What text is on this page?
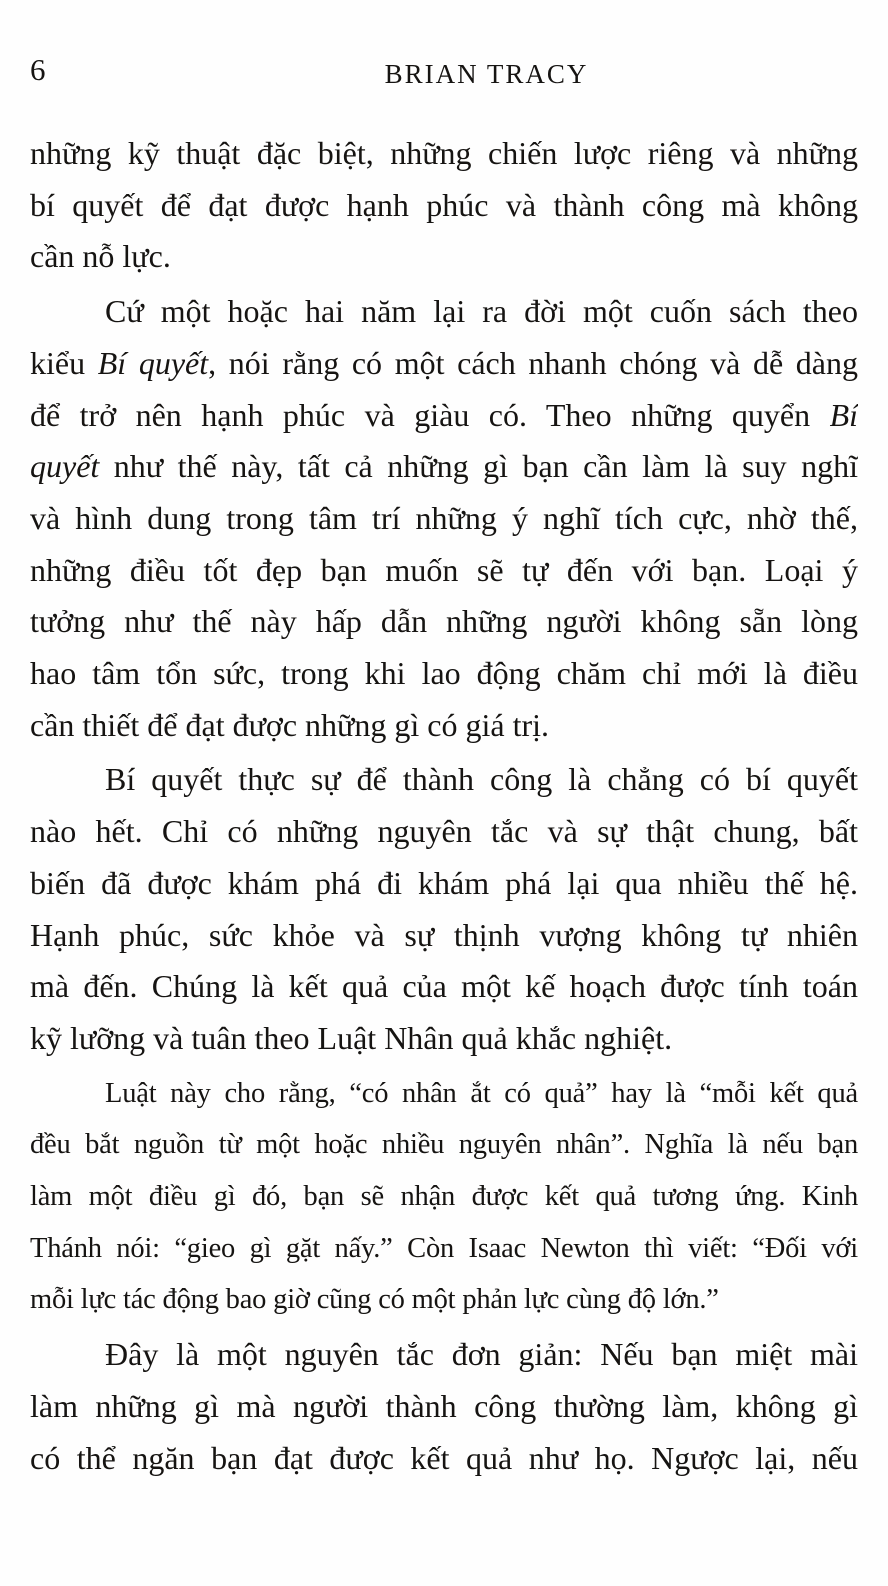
6	BRIAN TRACY
những kỹ thuật đặc biệt, những chiến lược riêng và những
bí quyết để đạt được hạnh phúc và thành công mà không
cần nỗ lực.
Cứ một hoặc hai năm lại ra đời một cuốn sách theo
kiểu Bí quyết, nói rằng có một cách nhanh chóng và dễ dàng
để trở nên hạnh phúc và giàu có. Theo những quyển Bí
quyết như thế này, tất cả những gì bạn cần làm là suy nghĩ
và hình dung trong tâm trí những ý nghĩ tích cực, nhờ thế,
những điều tốt đẹp bạn muốn sẽ tự đến với bạn. Loại ý
tưởng như thế này hấp dẫn những người không sẵn lòng
hao tâm tổn sức, trong khi lao động chăm chỉ mới là điều
cần thiết để đạt được những gì có giá trị.
Bí quyết thực sự để thành công là chẳng có bí quyết
nào hết. Chỉ có những nguyên tắc và sự thật chung, bất
biến đã được khám phá đi khám phá lại qua nhiều thế hệ.
Hạnh phúc, sức khỏe và sự thịnh vượng không tự nhiên
mà đến. Chúng là kết quả của một kế hoạch được tính toán
kỹ lưỡng và tuân theo Luật Nhân quả khắc nghiệt.
Luật này cho rằng, “có nhân ắt có quả” hay là “mỗi kết quả
đều bắt nguồn từ một hoặc nhiều nguyên nhân”. Nghĩa là nếu bạn
làm một điều gì đó, bạn sẽ nhận được kết quả tương ứng. Kinh
Thánh nói: “gieo gì gặt nấy.” Còn Isaac Newton thì viết: “Đối với
mỗi lực tác động bao giờ cũng có một phản lực cùng độ lớn.”
Đây là một nguyên tắc đơn giản: Nếu bạn miệt mài
làm những gì mà người thành công thường làm, không gì
có thể ngăn bạn đạt được kết quả như họ. Ngược lại, nếu
